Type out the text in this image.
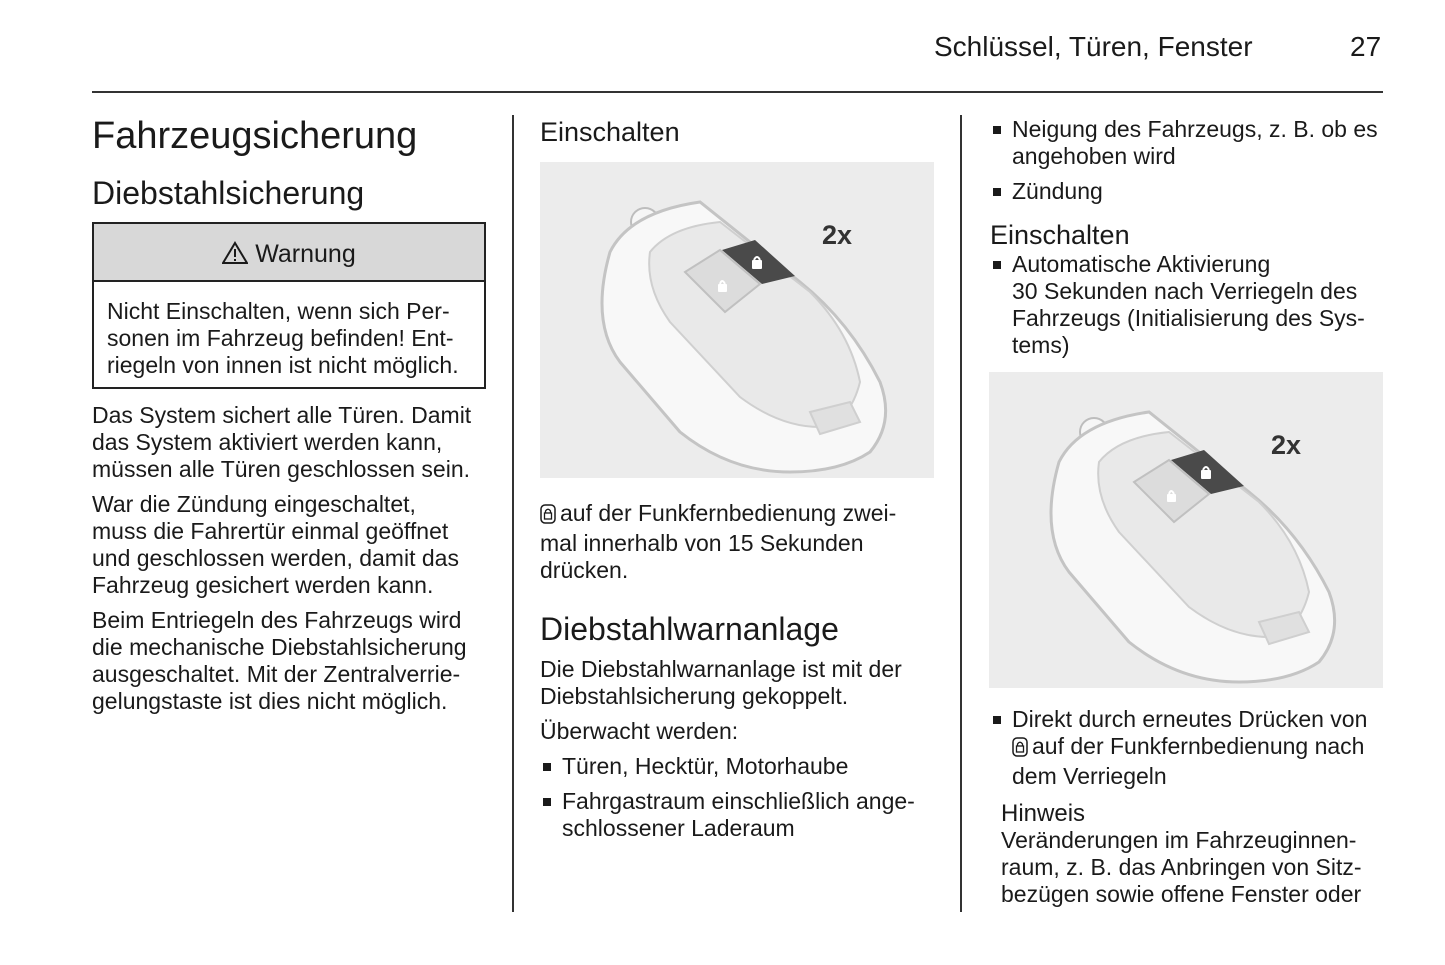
Schlüssel, Türen, Fenster	27
Fahrzeugsicherung
Diebstahlsicherung
Warnung
Nicht Einschalten, wenn sich Per-
sonen im Fahrzeug befinden! Ent-
riegeln von innen ist nicht möglich.
Das System sichert alle Türen. Damit
das System aktiviert werden kann,
müssen alle Türen geschlossen sein.
War die Zündung eingeschaltet,
muss die Fahrertür einmal geöffnet
und geschlossen werden, damit das
Fahrzeug gesichert werden kann.
Beim Entriegeln des Fahrzeugs wird
die mechanische Diebstahlsicherung
ausgeschaltet. Mit der Zentralverrie-
gelungstaste ist dies nicht möglich.
Einschalten
2x
auf der Funkfernbedienung zwei-
mal innerhalb von 15 Sekunden
drücken.
Diebstahlwarnanlage
Die Diebstahlwarnanlage ist mit der
Diebstahlsicherung gekoppelt.
Überwacht werden:
Türen, Hecktür, Motorhaube
Fahrgastraum einschließlich ange-
schlossener Laderaum
Neigung des Fahrzeugs, z. B. ob es
angehoben wird
Zündung
Einschalten
Automatische Aktivierung
30 Sekunden nach Verriegeln des
Fahrzeugs (Initialisierung des Sys-
tems)
2x
Direkt durch erneutes Drücken von
auf der Funkfernbedienung nach
dem Verriegeln
Hinweis
Veränderungen im Fahrzeuginnen-
raum, z. B. das Anbringen von Sitz-
bezügen sowie offene Fenster oder
